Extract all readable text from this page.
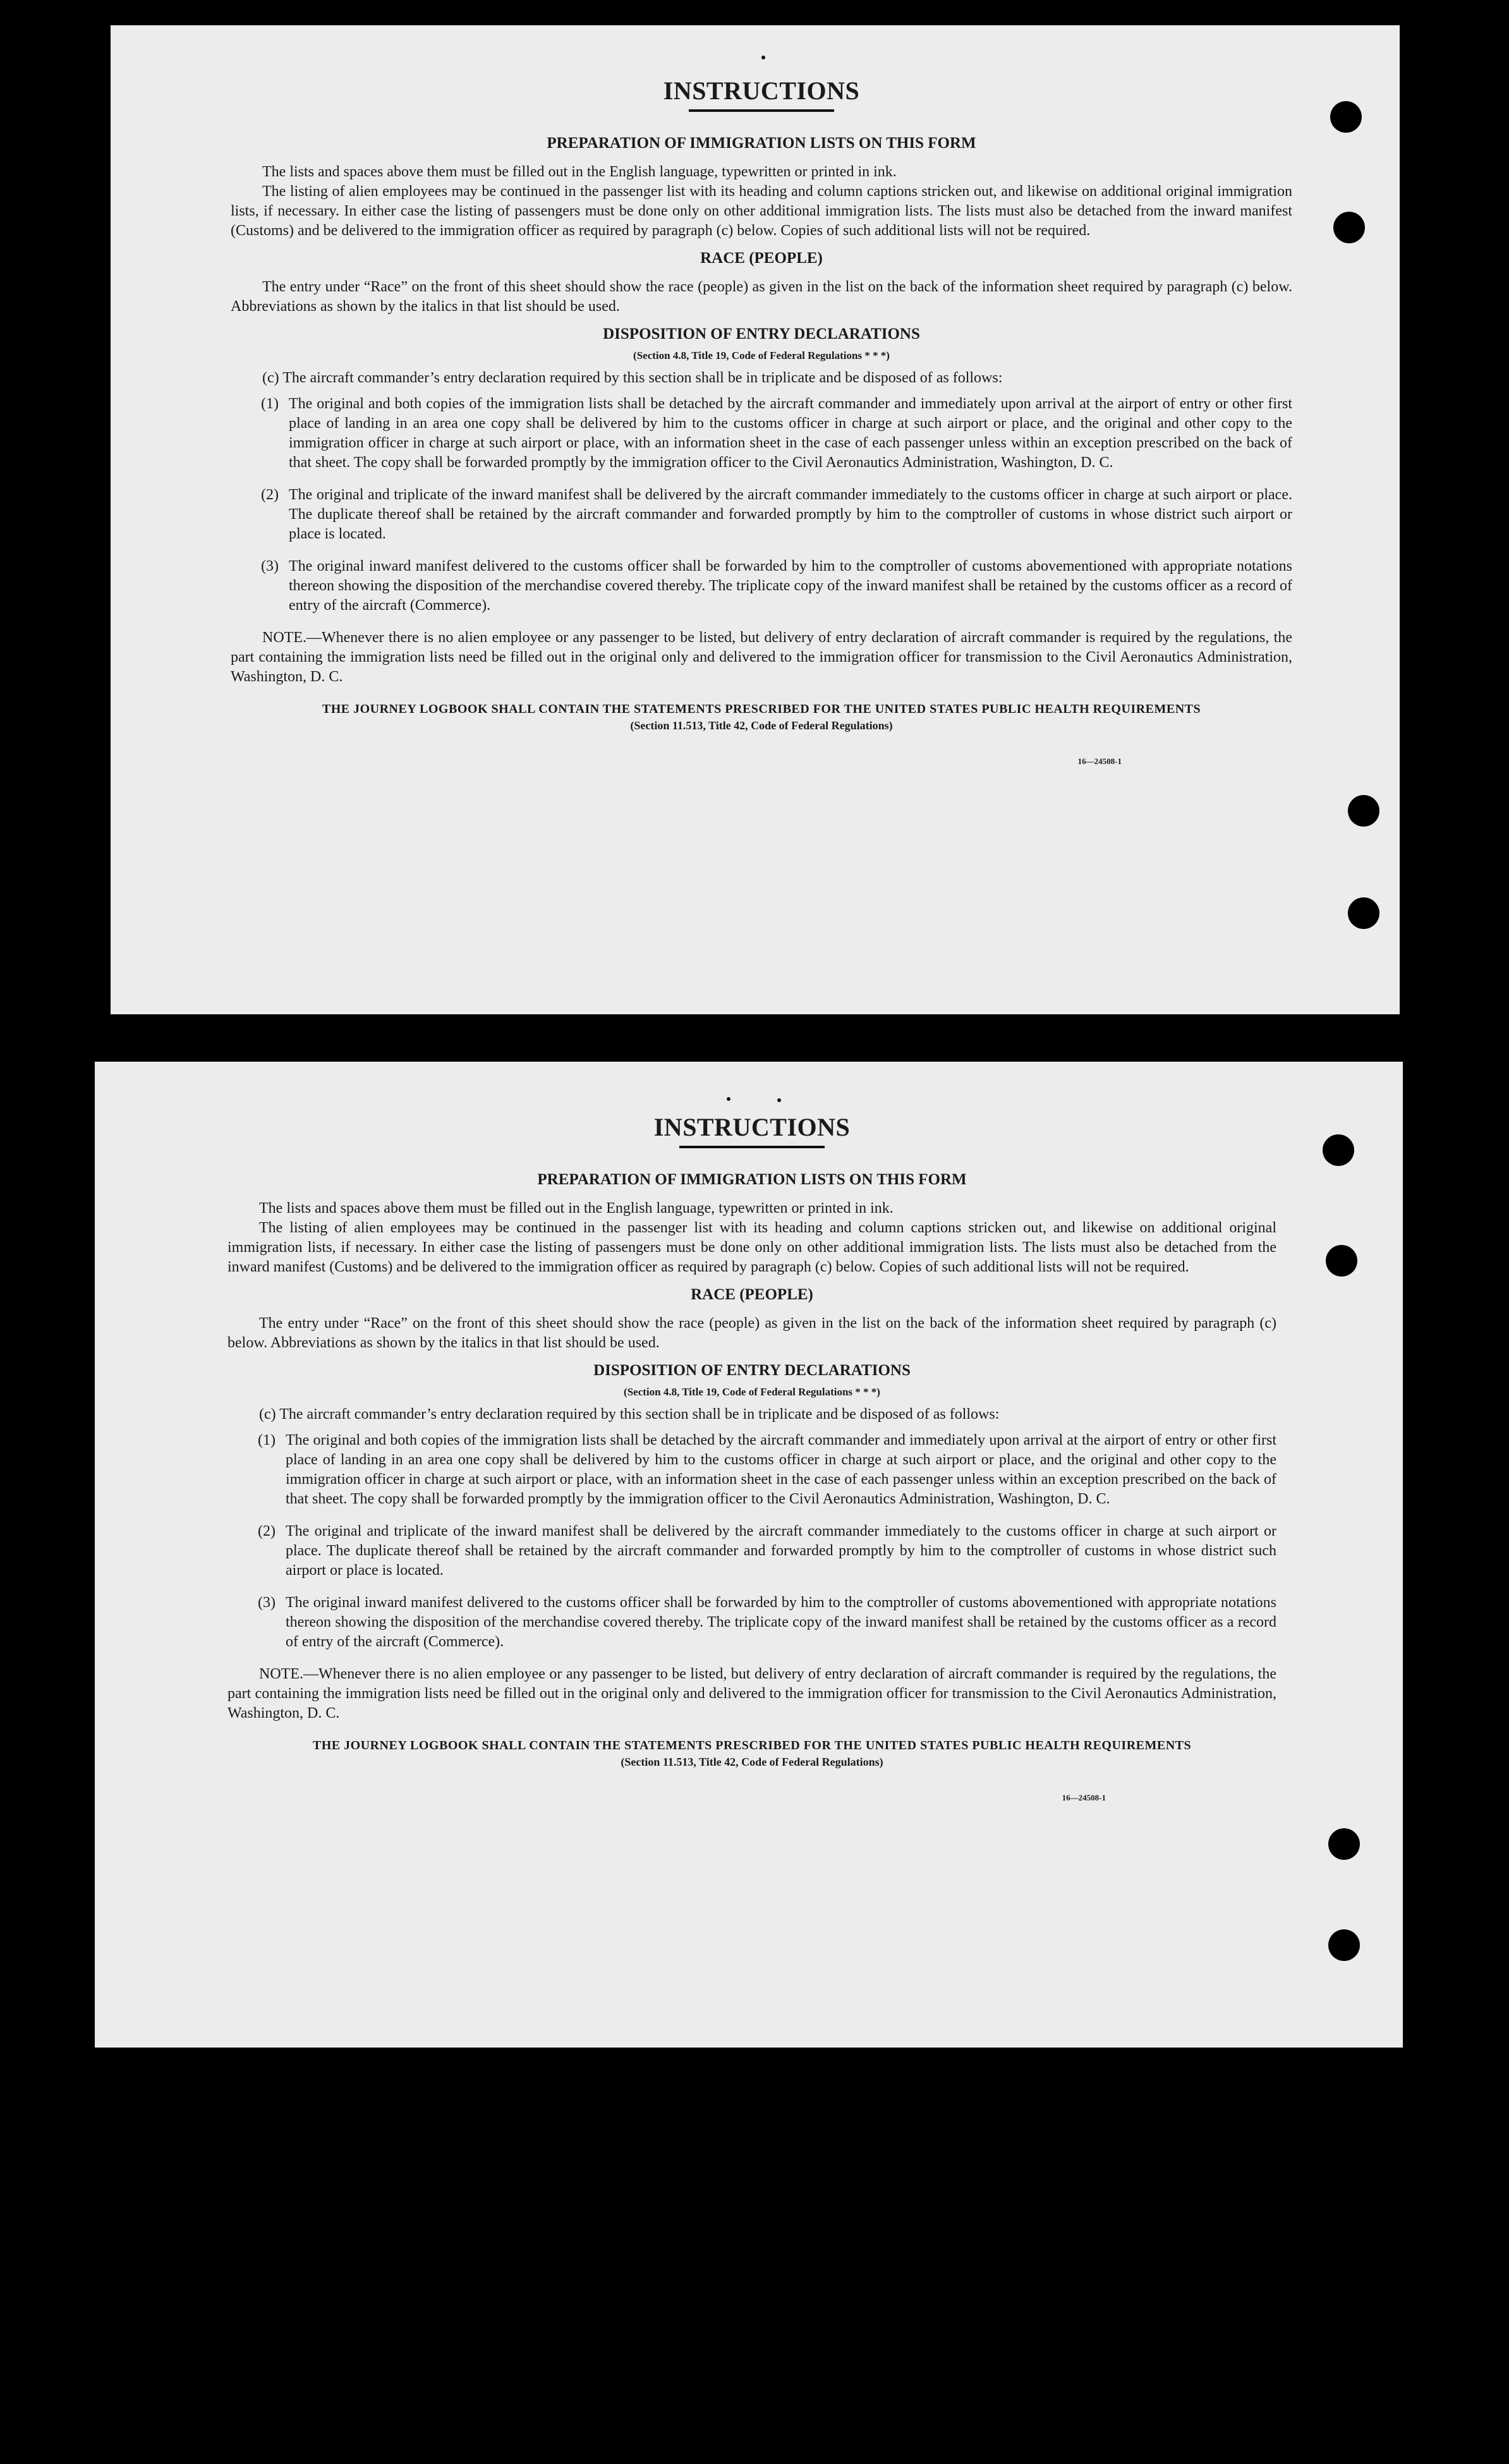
INSTRUCTIONS
PREPARATION OF IMMIGRATION LISTS ON THIS FORM

The lists and spaces above them must be filled out in the English language, typewritten or printed in ink.

The listing of alien employees may be continued in the passenger list with its heading and column captions stricken out, and likewise on additional original immigration lists, if necessary. In either case the listing of passengers must be done only on other additional immigration lists. The lists must also be detached from the inward manifest (Customs) and be delivered to the immigration officer as required by paragraph (c) below. Copies of such additional lists will not be required.

RACE (PEOPLE)

The entry under “Race” on the front of this sheet should show the race (people) as given in the list on the back of the information sheet required by paragraph (c) below. Abbreviations as shown by the italics in that list should be used.

DISPOSITION OF ENTRY DECLARATIONS
(Section 4.8, Title 19, Code of Federal Regulations * * *)

(c) The aircraft commander’s entry declaration required by this section shall be in triplicate and be disposed of as follows:

(1) The original and both copies of the immigration lists shall be detached by the aircraft commander and immediately upon arrival at the airport of entry or other first place of landing in an area one copy shall be delivered by him to the customs officer in charge at such airport or place, and the original and other copy to the immigration officer in charge at such airport or place, with an information sheet in the case of each passenger unless within an exception prescribed on the back of that sheet. The copy shall be forwarded promptly by the immigration officer to the Civil Aeronautics Administration, Washington, D. C.
(2) The original and triplicate of the inward manifest shall be delivered by the aircraft commander immediately to the customs officer in charge at such airport or place. The duplicate thereof shall be retained by the aircraft commander and forwarded promptly by him to the comptroller of customs in whose district such airport or place is located.
(3) The original inward manifest delivered to the customs officer shall be forwarded by him to the comptroller of customs abovementioned with appropriate notations thereon showing the disposition of the merchandise covered thereby. The triplicate copy of the inward manifest shall be retained by the customs officer as a record of entry of the aircraft (Commerce).

NOTE.—Whenever there is no alien employee or any passenger to be listed, but delivery of entry declaration of aircraft commander is required by the regulations, the part containing the immigration lists need be filled out in the original only and delivered to the immigration officer for transmission to the Civil Aeronautics Administration, Washington, D. C.

THE JOURNEY LOGBOOK SHALL CONTAIN THE STATEMENTS PRESCRIBED FOR THE UNITED STATES PUBLIC HEALTH REQUIREMENTS
(Section 11.513, Title 42, Code of Federal Regulations)
16—24508-1
INSTRUCTIONS
PREPARATION OF IMMIGRATION LISTS ON THIS FORM

The lists and spaces above them must be filled out in the English language, typewritten or printed in ink.

The listing of alien employees may be continued in the passenger list with its heading and column captions stricken out, and likewise on additional original immigration lists, if necessary. In either case the listing of passengers must be done only on other additional immigration lists. The lists must also be detached from the inward manifest (Customs) and be delivered to the immigration officer as required by paragraph (c) below. Copies of such additional lists will not be required.

RACE (PEOPLE)

The entry under “Race” on the front of this sheet should show the race (people) as given in the list on the back of the information sheet required by paragraph (c) below. Abbreviations as shown by the italics in that list should be used.

DISPOSITION OF ENTRY DECLARATIONS
(Section 4.8, Title 19, Code of Federal Regulations * * *)

(c) The aircraft commander’s entry declaration required by this section shall be in triplicate and be disposed of as follows:

(1) The original and both copies of the immigration lists shall be detached by the aircraft commander and immediately upon arrival at the airport of entry or other first place of landing in an area one copy shall be delivered by him to the customs officer in charge at such airport or place, and the original and other copy to the immigration officer in charge at such airport or place, with an information sheet in the case of each passenger unless within an exception prescribed on the back of that sheet. The copy shall be forwarded promptly by the immigration officer to the Civil Aeronautics Administration, Washington, D. C.
(2) The original and triplicate of the inward manifest shall be delivered by the aircraft commander immediately to the customs officer in charge at such airport or place. The duplicate thereof shall be retained by the aircraft commander and forwarded promptly by him to the comptroller of customs in whose district such airport or place is located.
(3) The original inward manifest delivered to the customs officer shall be forwarded by him to the comptroller of customs abovementioned with appropriate notations thereon showing the disposition of the merchandise covered thereby. The triplicate copy of the inward manifest shall be retained by the customs officer as a record of entry of the aircraft (Commerce).

NOTE.—Whenever there is no alien employee or any passenger to be listed, but delivery of entry declaration of aircraft commander is required by the regulations, the part containing the immigration lists need be filled out in the original only and delivered to the immigration officer for transmission to the Civil Aeronautics Administration, Washington, D. C.

THE JOURNEY LOGBOOK SHALL CONTAIN THE STATEMENTS PRESCRIBED FOR THE UNITED STATES PUBLIC HEALTH REQUIREMENTS
(Section 11.513, Title 42, Code of Federal Regulations)
16—24508-1
